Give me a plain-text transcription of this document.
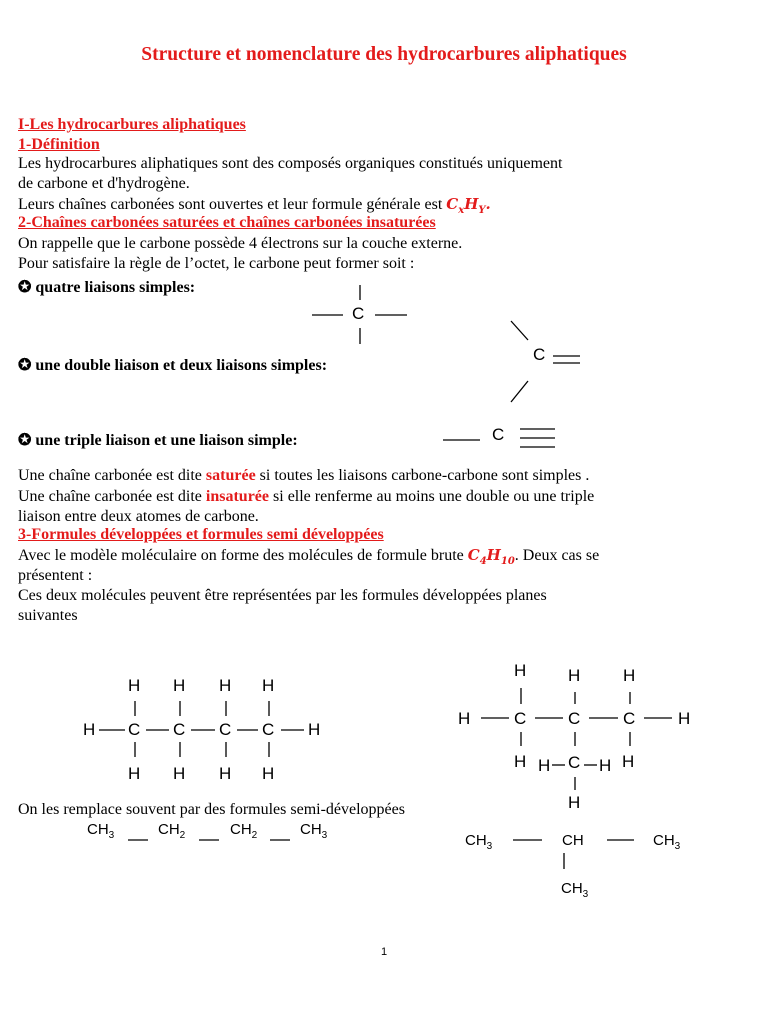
Structure et nomenclature des hydrocarbures aliphatiques
I-Les hydrocarbures aliphatiques
1-Définition
Les hydrocarbures aliphatiques sont des composés organiques constitués uniquement
de carbone et d'hydrogène.
Leurs chaînes carbonées sont ouvertes et leur formule générale est $C_xH_Y$.
2-Chaînes carbonées saturées et chaînes carbonées insaturées
On rappelle que le carbone possède 4 électrons sur la couche externe.
Pour satisfaire la règle de l’octet, le carbone peut former soit :
✪ quatre liaisons simples:
✪ une double liaison et deux liaisons simples:
✪ une triple liaison et une liaison simple:
C
C
C
Une chaîne carbonée est dite saturée si toutes les liaisons carbone-carbone sont simples .
Une chaîne carbonée est dite insaturée si elle renferme au moins une double ou une triple
liaison entre deux atomes de carbone.
3-Formules développées et formules semi développées
Avec le modèle moléculaire on forme des molécules de formule brute $C_4H_{10}$. Deux cas se
présentent :
Ces deux molécules peuvent être représentées par les formules développées planes
suivantes
H H H H
H C C C C H
H H H H
H H	H
H	C C	C	H
H H C H H
H
On les remplace souvent par des formules semi-développées
$CH_3$	$CH_2$	$CH_2$	$CH_3$	$CH_3$	CH	$CH_3$
$CH_3$
1
